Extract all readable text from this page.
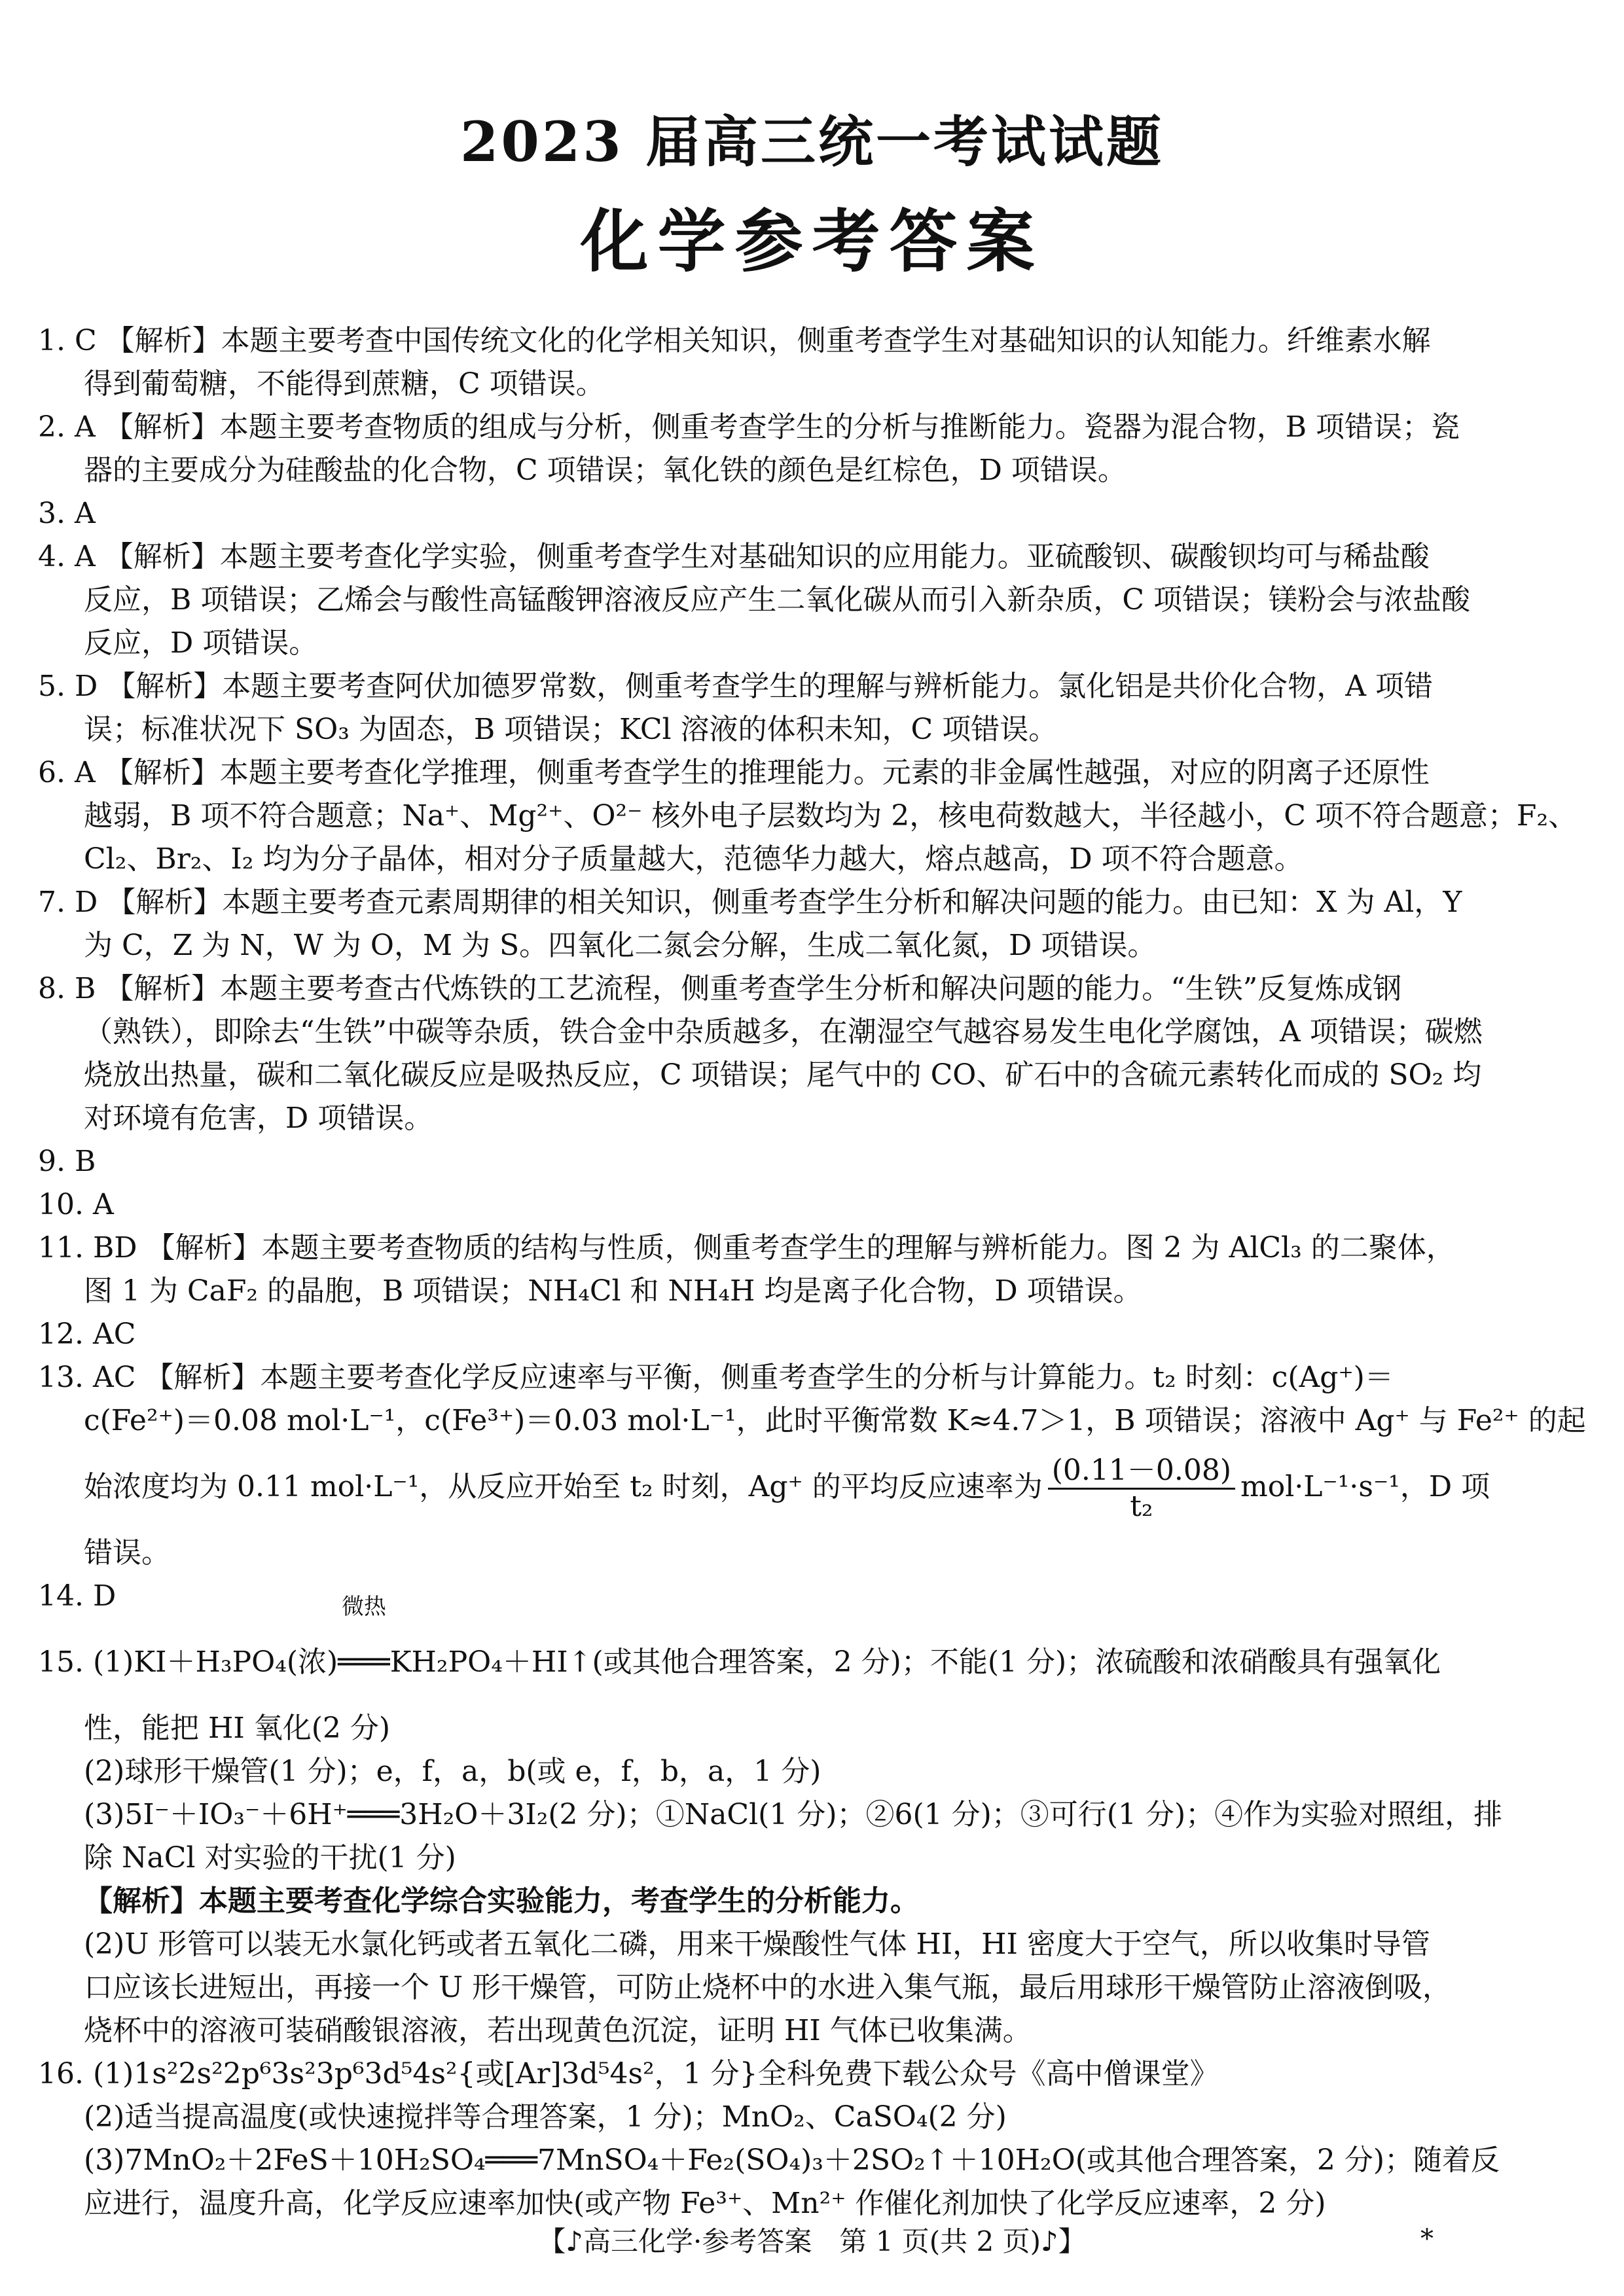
2023 届高三统一考试试题
化学参考答案
1. C 【解析】本题主要考查中国传统文化的化学相关知识，侧重考查学生对基础知识的认知能力。纤维素水解
得到葡萄糖，不能得到蔗糖，C 项错误。
2. A 【解析】本题主要考查物质的组成与分析，侧重考查学生的分析与推断能力。瓷器为混合物，B 项错误；瓷
器的主要成分为硅酸盐的化合物，C 项错误；氧化铁的颜色是红棕色，D 项错误。
3. A
4. A 【解析】本题主要考查化学实验，侧重考查学生对基础知识的应用能力。亚硫酸钡、碳酸钡均可与稀盐酸
反应，B 项错误；乙烯会与酸性高锰酸钾溶液反应产生二氧化碳从而引入新杂质，C 项错误；镁粉会与浓盐酸
反应，D 项错误。
5. D 【解析】本题主要考查阿伏加德罗常数，侧重考查学生的理解与辨析能力。氯化铝是共价化合物，A 项错
误；标准状况下 SO₃ 为固态，B 项错误；KCl 溶液的体积未知，C 项错误。
6. A 【解析】本题主要考查化学推理，侧重考查学生的推理能力。元素的非金属性越强，对应的阴离子还原性
越弱，B 项不符合题意；Na⁺、Mg²⁺、O²⁻ 核外电子层数均为 2，核电荷数越大，半径越小，C 项不符合题意；F₂、
Cl₂、Br₂、I₂ 均为分子晶体，相对分子质量越大，范德华力越大，熔点越高，D 项不符合题意。
7. D 【解析】本题主要考查元素周期律的相关知识，侧重考查学生分析和解决问题的能力。由已知：X 为 Al，Y
为 C，Z 为 N，W 为 O，M 为 S。四氧化二氮会分解，生成二氧化氮，D 项错误。
8. B 【解析】本题主要考查古代炼铁的工艺流程，侧重考查学生分析和解决问题的能力。“生铁”反复炼成钢
（熟铁），即除去“生铁”中碳等杂质，铁合金中杂质越多，在潮湿空气越容易发生电化学腐蚀，A 项错误；碳燃
烧放出热量，碳和二氧化碳反应是吸热反应，C 项错误；尾气中的 CO、矿石中的含硫元素转化而成的 SO₂ 均
对环境有危害，D 项错误。
9. B
10. A
11. BD 【解析】本题主要考查物质的结构与性质，侧重考查学生的理解与辨析能力。图 2 为 AlCl₃ 的二聚体，
图 1 为 CaF₂ 的晶胞，B 项错误；NH₄Cl 和 NH₄H 均是离子化合物，D 项错误。
12. AC
13. AC 【解析】本题主要考查化学反应速率与平衡，侧重考查学生的分析与计算能力。t₂ 时刻：c(Ag⁺)＝
c(Fe²⁺)＝0.08 mol·L⁻¹，c(Fe³⁺)＝0.03 mol·L⁻¹，此时平衡常数 K≈4.7＞1，B 项错误；溶液中 Ag⁺ 与 Fe²⁺ 的起
始浓度均为 0.11 mol·L⁻¹，从反应开始至 t₂ 时刻，Ag⁺ 的平均反应速率为 $\frac{(0.11-0.08)}{\text{t₂}} mol\cdot L^{-1}\cdot s^{-1}$，D 项
错误。
14. D
15. (1)KI＋H₃PO₄(浓)
微热
═══KH₂PO₄＋HI↑(或其他合理答案，2 分)；不能(1 分)；浓硫酸和浓硝酸具有强氧化
性，能把 HI 氧化(2 分)
(2)球形干燥管(1 分)；e，f，a，b(或 e，f，b，a，1 分)
(3)5I⁻＋IO₃⁻＋6H⁺═══3H₂O＋3I₂(2 分)；①NaCl(1 分)；②6(1 分)；③可行(1 分)；④作为实验对照组，排
除 NaCl 对实验的干扰(1 分)
【解析】本题主要考查化学综合实验能力，考查学生的分析能力。
(2)U 形管可以装无水氯化钙或者五氧化二磷，用来干燥酸性气体 HI，HI 密度大于空气，所以收集时导管
口应该长进短出，再接一个 U 形干燥管，可防止烧杯中的水进入集气瓶，最后用球形干燥管防止溶液倒吸，
烧杯中的溶液可装硝酸银溶液，若出现黄色沉淀，证明 HI 气体已收集满。
16. (1)1s²2s²2p⁶3s²3p⁶3d⁵4s²{或[Ar]3d⁵4s²，1 分}全科免费下载公众号《高中僧课堂》
(2)适当提高温度(或快速搅拌等合理答案，1 分)；MnO₂、CaSO₄(2 分)
(3)7MnO₂＋2FeS＋10H₂SO₄═══7MnSO₄＋Fe₂(SO₄)₃＋2SO₂↑＋10H₂O(或其他合理答案，2 分)；随着反
应进行，温度升高，化学反应速率加快(或产物 Fe³⁺、Mn²⁺ 作催化剂加快了化学反应速率，2 分)
【♪高三化学·参考答案　第 1 页(共 2 页)♪】	*
